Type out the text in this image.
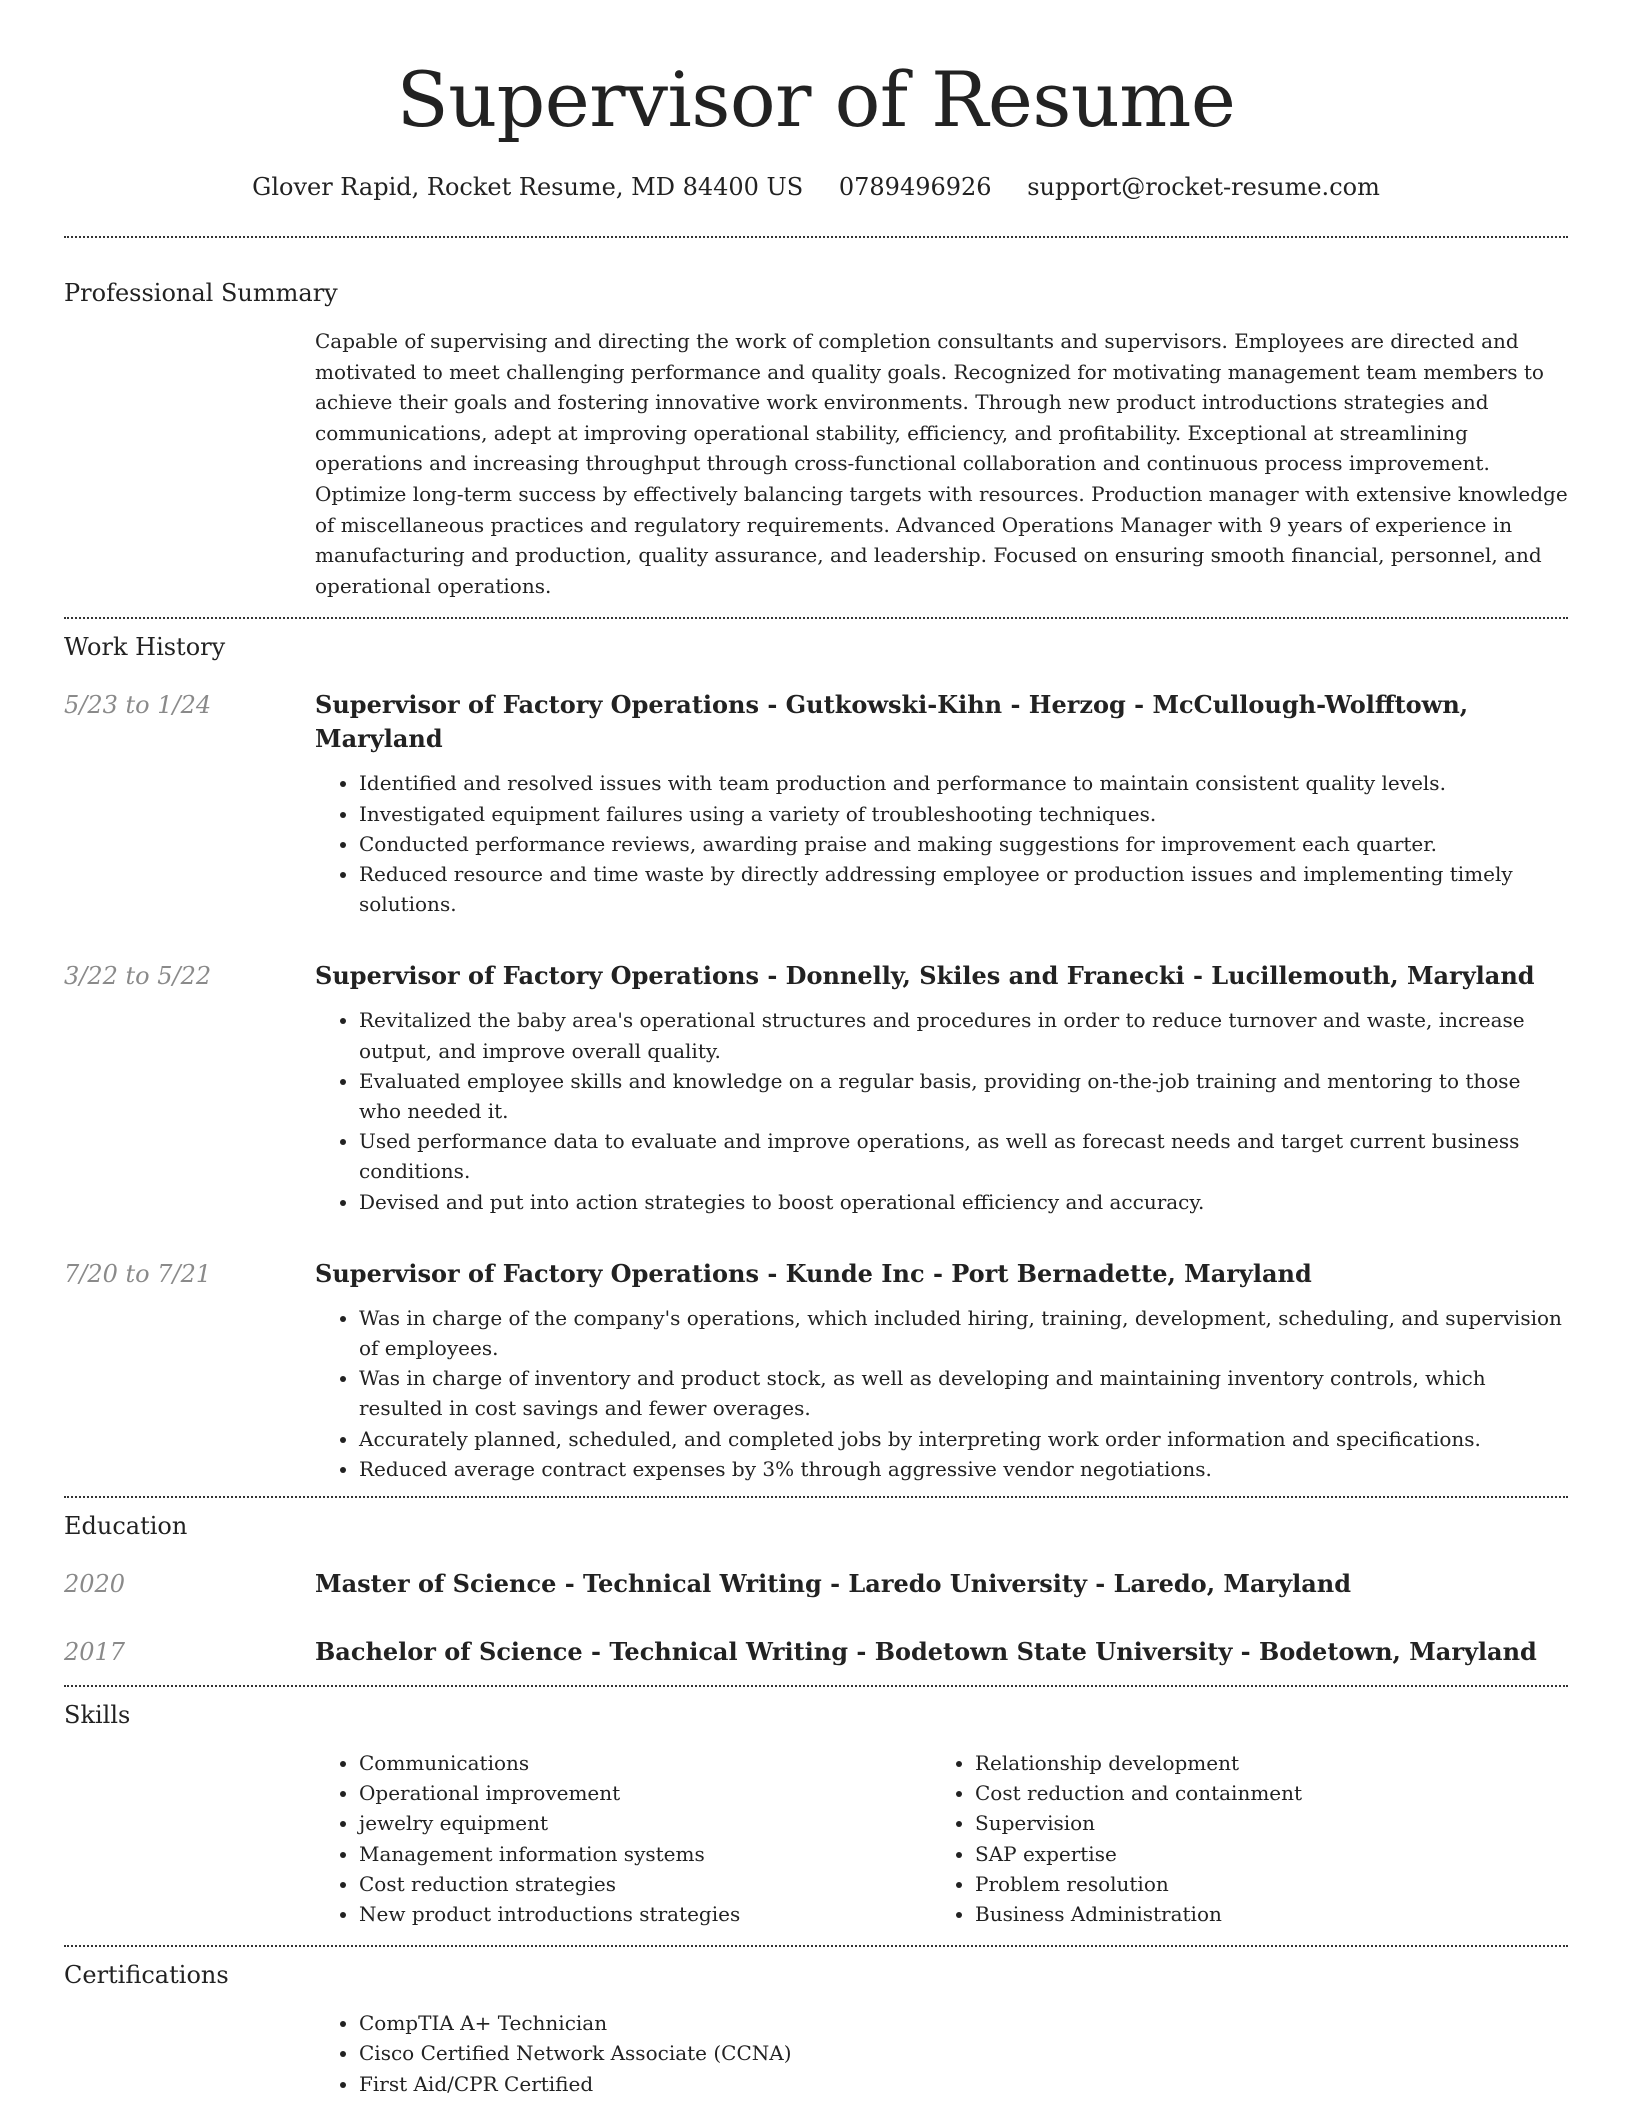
Supervisor of Resume
Glover Rapid, Rocket Resume, MD 84400 US 0789496926 support@rocket-resume.com
Professional Summary

Capable of supervising and directing the work of completion consultants and supervisors. Employees are directed and motivated to meet challenging performance and quality goals. Recognized for motivating management team members to achieve their goals and fostering innovative work environments. Through new product introductions strategies and communications, adept at improving operational stability, efficiency, and profitability. Exceptional at streamlining operations and increasing throughput through cross-functional collaboration and continuous process improvement. Optimize long-term success by effectively balancing targets with resources. Production manager with extensive knowledge of miscellaneous practices and regulatory requirements. Advanced Operations Manager with 9 years of experience in manufacturing and production, quality assurance, and leadership. Focused on ensuring smooth financial, personnel, and operational operations.

Work History
5/23 to 1/24	Supervisor of Factory Operations - Gutkowski-Kihn - Herzog - McCullough-Wolfftown, Maryland
• Identified and resolved issues with team production and performance to maintain consistent quality levels.
• Investigated equipment failures using a variety of troubleshooting techniques.
• Conducted performance reviews, awarding praise and making suggestions for improvement each quarter.
• Reduced resource and time waste by directly addressing employee or production issues and implementing timely solutions.
3/22 to 5/22	Supervisor of Factory Operations - Donnelly, Skiles and Franecki - Lucillemouth, Maryland
• Revitalized the baby area's operational structures and procedures in order to reduce turnover and waste, increase output, and improve overall quality.
• Evaluated employee skills and knowledge on a regular basis, providing on-the-job training and mentoring to those who needed it.
• Used performance data to evaluate and improve operations, as well as forecast needs and target current business conditions.
• Devised and put into action strategies to boost operational efficiency and accuracy.
7/20 to 7/21	Supervisor of Factory Operations - Kunde Inc - Port Bernadette, Maryland
• Was in charge of the company's operations, which included hiring, training, development, scheduling, and supervision of employees.
• Was in charge of inventory and product stock, as well as developing and maintaining inventory controls, which resulted in cost savings and fewer overages.
• Accurately planned, scheduled, and completed jobs by interpreting work order information and specifications.
• Reduced average contract expenses by 3% through aggressive vendor negotiations.
Education
2020	Master of Science - Technical Writing - Laredo University - Laredo, Maryland
2017	Bachelor of Science - Technical Writing - Bodetown State University - Bodetown, Maryland
Skills
• Communications
• Operational improvement
• jewelry equipment
• Management information systems
• Cost reduction strategies
• New product introductions strategies
• Relationship development
• Cost reduction and containment
• Supervision
• SAP expertise
• Problem resolution
• Business Administration
Certifications
• CompTIA A+ Technician
• Cisco Certified Network Associate (CCNA)
• First Aid/CPR Certified
